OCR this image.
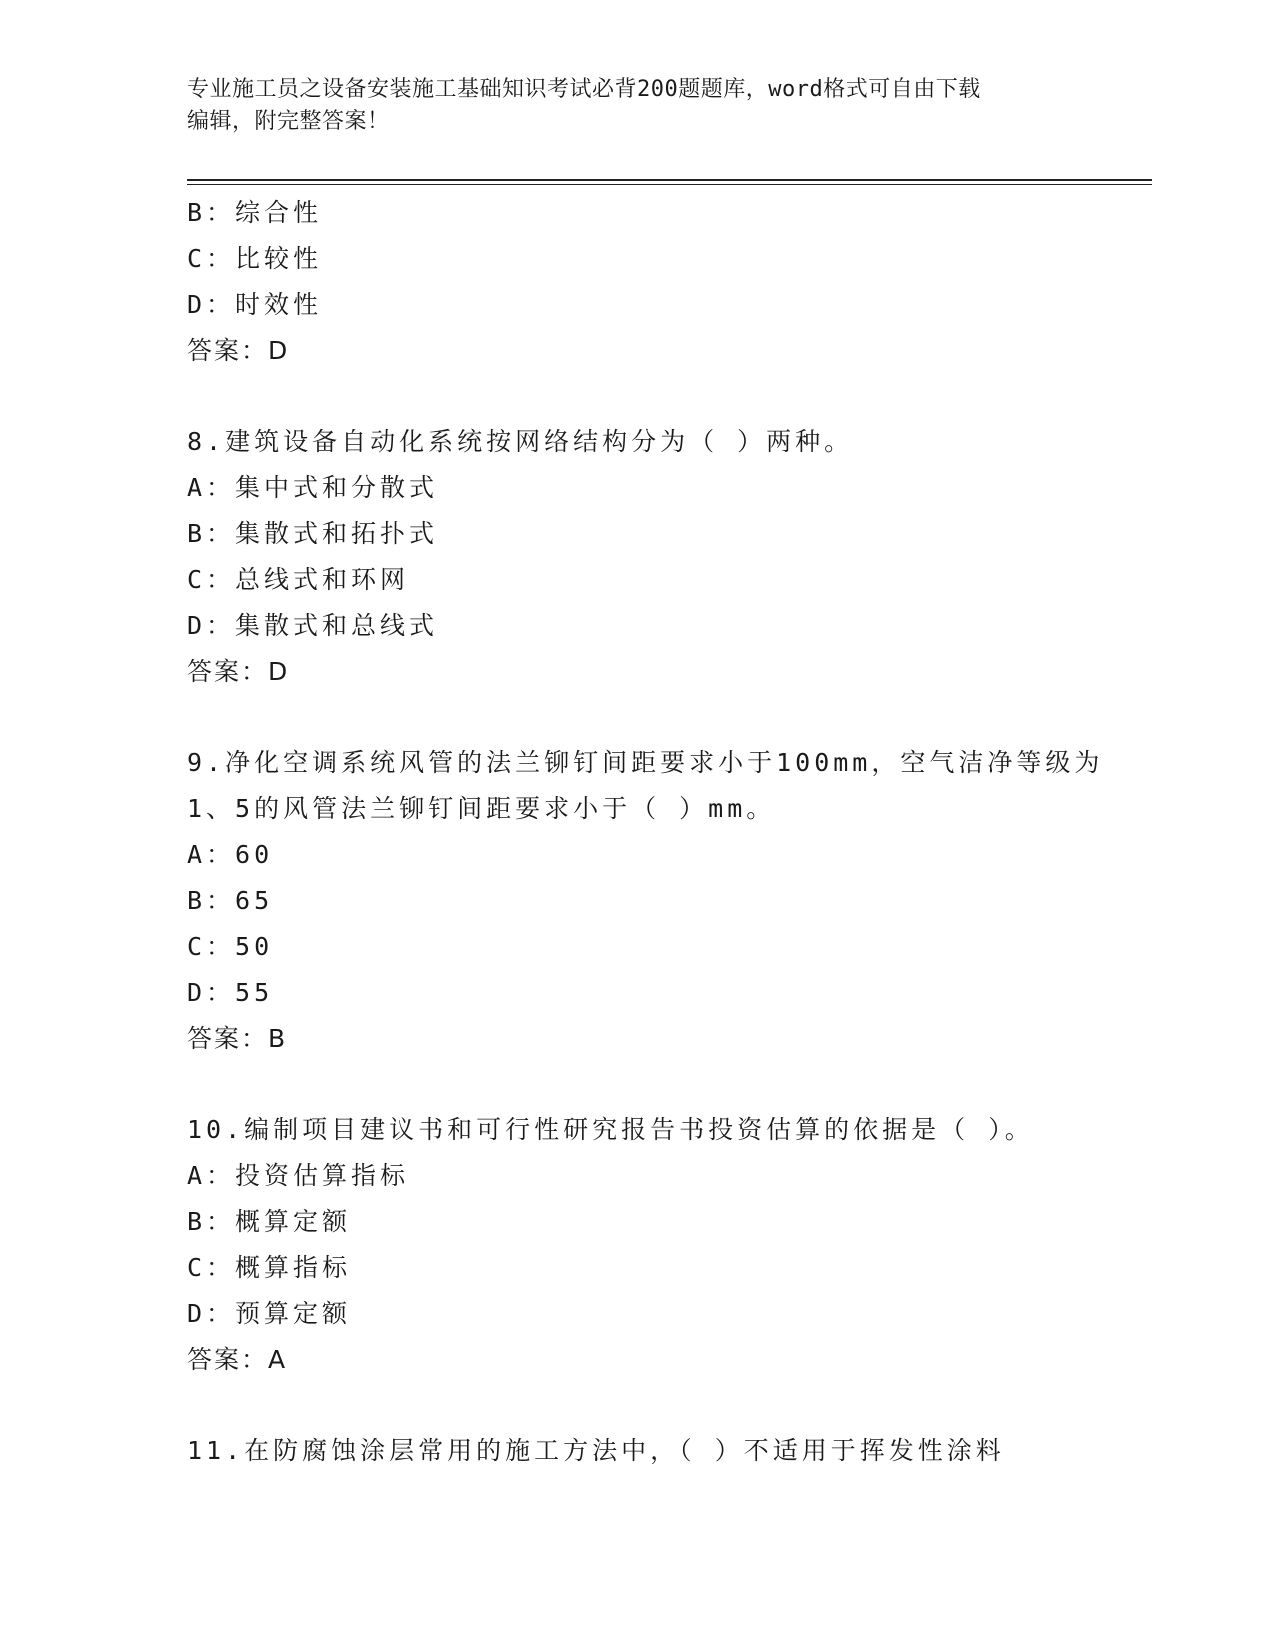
专业施工员之设备安装施工基础知识考试必背200题题库，word格式可自由下载
编辑，附完整答案！
B：综合性
C：比较性
D：时效性
答案：D
8.建筑设备自动化系统按网络结构分为（ ）两种。
A：集中式和分散式
B：集散式和拓扑式
C：总线式和环网
D：集散式和总线式
答案：D
9.净化空调系统风管的法兰铆钉间距要求小于100mm，空气洁净等级为
1、5的风管法兰铆钉间距要求小于（ ）mm。
A：60
B：65
C：50
D：55
答案：B
10.编制项目建议书和可行性研究报告书投资估算的依据是（ ）。
A：投资估算指标
B：概算定额
C：概算指标
D：预算定额
答案：A
11.在防腐蚀涂层常用的施工方法中，（ ）不适用于挥发性涂料
